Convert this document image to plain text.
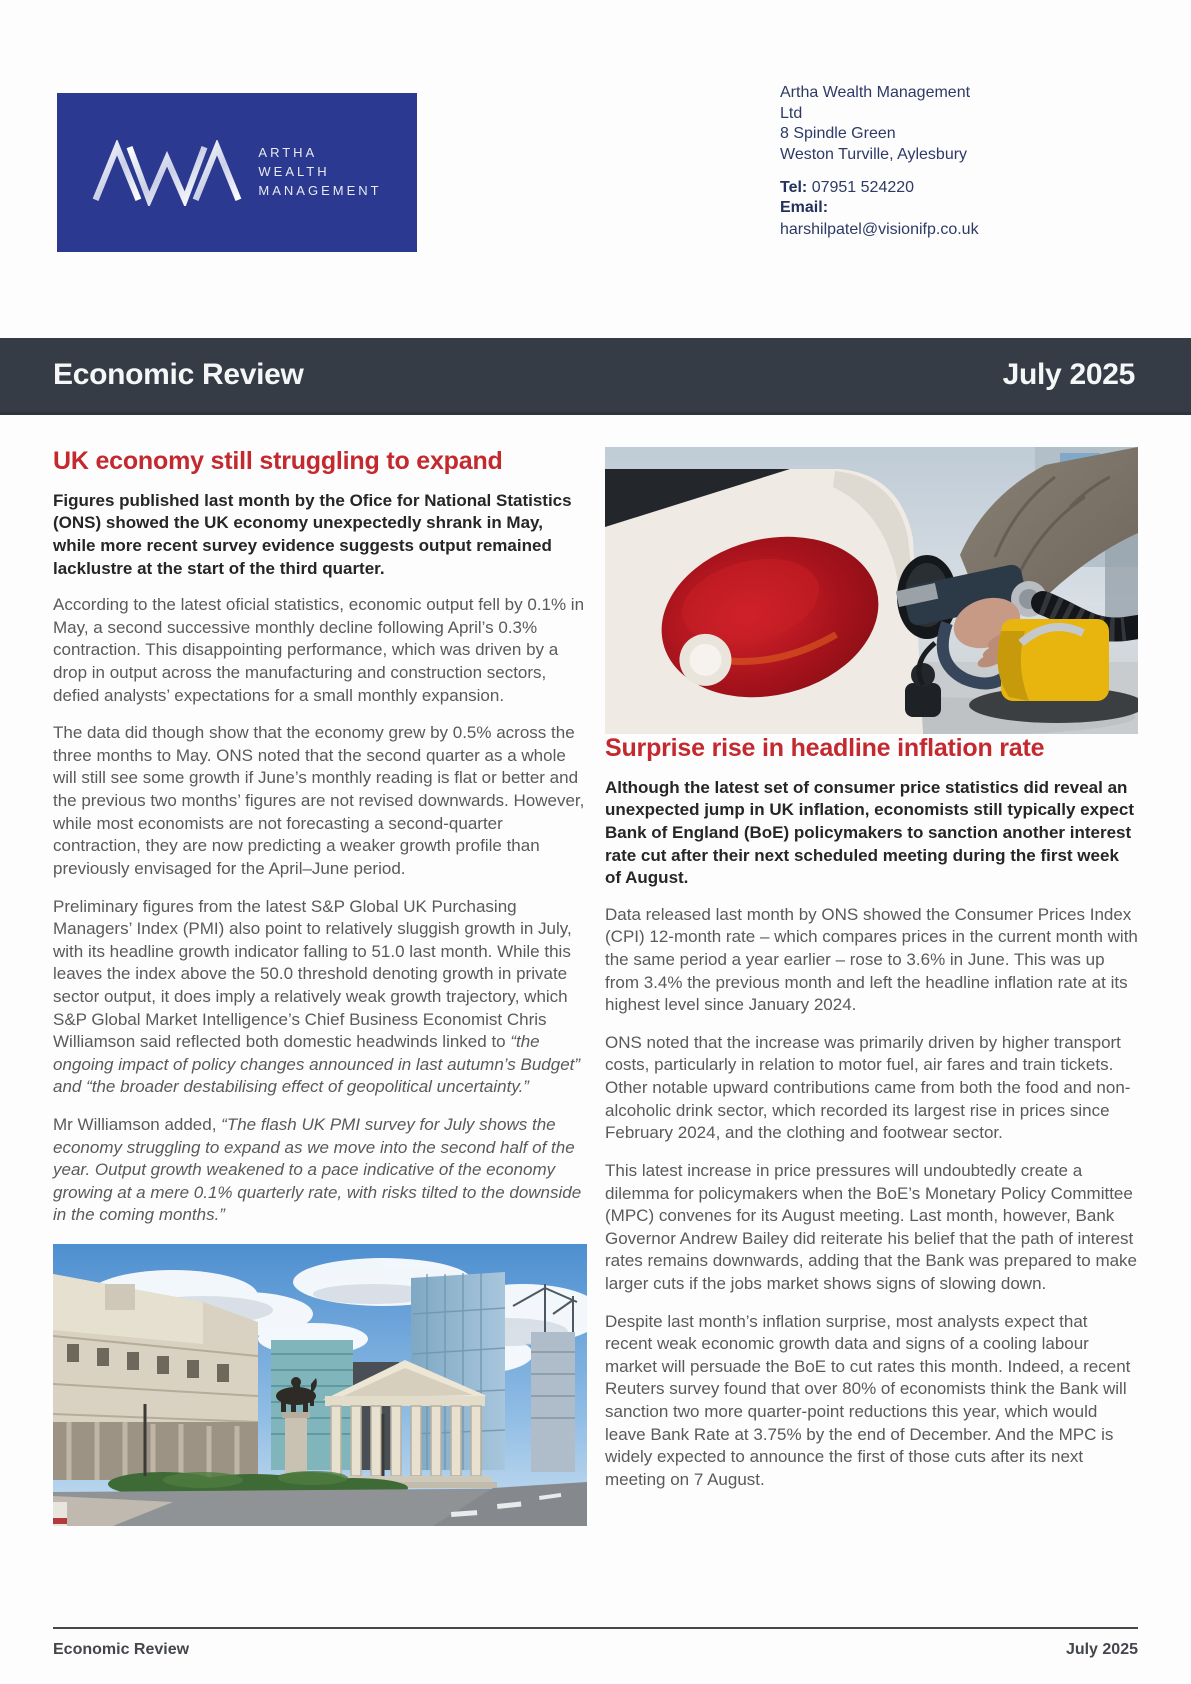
ARTHA
WEALTH
MANAGEMENT
Artha Wealth Management
Ltd
8 Spindle Green
Weston Turville, Aylesbury
Tel: 07951 524220
Email:
harshilpatel@visionifp.co.uk
Economic Review	July 2025
UK economy still struggling to expand

Figures published last month by the Ofice for National Statistics (ONS) showed the UK economy unexpectedly shrank in May, while more recent survey evidence suggests output remained lacklustre at the start of the third quarter.

According to the latest oficial statistics, economic output fell by 0.1% in May, a second successive monthly decline following April’s 0.3% contraction. This disappointing performance, which was driven by a drop in output across the manufacturing and construction sectors, defied analysts’ expectations for a small monthly expansion.

The data did though show that the economy grew by 0.5% across the three months to May. ONS noted that the second quarter as a whole will still see some growth if June’s monthly reading is flat or better and the previous two months’ figures are not revised downwards. However, while most economists are not forecasting a second-quarter contraction, they are now predicting a weaker growth profile than previously envisaged for the April–June period.

Preliminary figures from the latest S&P Global UK Purchasing Managers’ Index (PMI) also point to relatively sluggish growth in July, with its headline growth indicator falling to 51.0 last month. While this leaves the index above the 50.0 threshold denoting growth in private sector output, it does imply a relatively weak growth trajectory, which S&P Global Market Intelligence’s Chief Business Economist Chris Williamson said reflected both domestic headwinds linked to “the ongoing impact of policy changes announced in last autumn’s Budget” and “the broader destabilising effect of geopolitical uncertainty.”

Mr Williamson added, “The flash UK PMI survey for July shows the economy struggling to expand as we move into the second half of the year. Output growth weakened to a pace indicative of the economy growing at a mere 0.1% quarterly rate, with risks tilted to the downside in the coming months.”

Surprise rise in headline inflation rate

Although the latest set of consumer price statistics did reveal an unexpected jump in UK inflation, economists still typically expect Bank of England (BoE) policymakers to sanction another interest rate cut after their next scheduled meeting during the first week of August.

Data released last month by ONS showed the Consumer Prices Index (CPI) 12-month rate – which compares prices in the current month with the same period a year earlier – rose to 3.6% in June. This was up from 3.4% the previous month and left the headline inflation rate at its highest level since January 2024.

ONS noted that the increase was primarily driven by higher transport costs, particularly in relation to motor fuel, air fares and train tickets. Other notable upward contributions came from both the food and non-alcoholic drink sector, which recorded its largest rise in prices since February 2024, and the clothing and footwear sector.

This latest increase in price pressures will undoubtedly create a dilemma for policymakers when the BoE’s Monetary Policy Committee (MPC) convenes for its August meeting. Last month, however, Bank Governor Andrew Bailey did reiterate his belief that the path of interest rates remains downwards, adding that the Bank was prepared to make larger cuts if the jobs market shows signs of slowing down.

Despite last month’s inflation surprise, most analysts expect that recent weak economic growth data and signs of a cooling labour market will persuade the BoE to cut rates this month. Indeed, a recent Reuters survey found that over 80% of economists think the Bank will sanction two more quarter-point reductions this year, which would leave Bank Rate at 3.75% by the end of December. And the MPC is widely expected to announce the first of those cuts after its next meeting on 7 August.

Economic Review	July 2025
